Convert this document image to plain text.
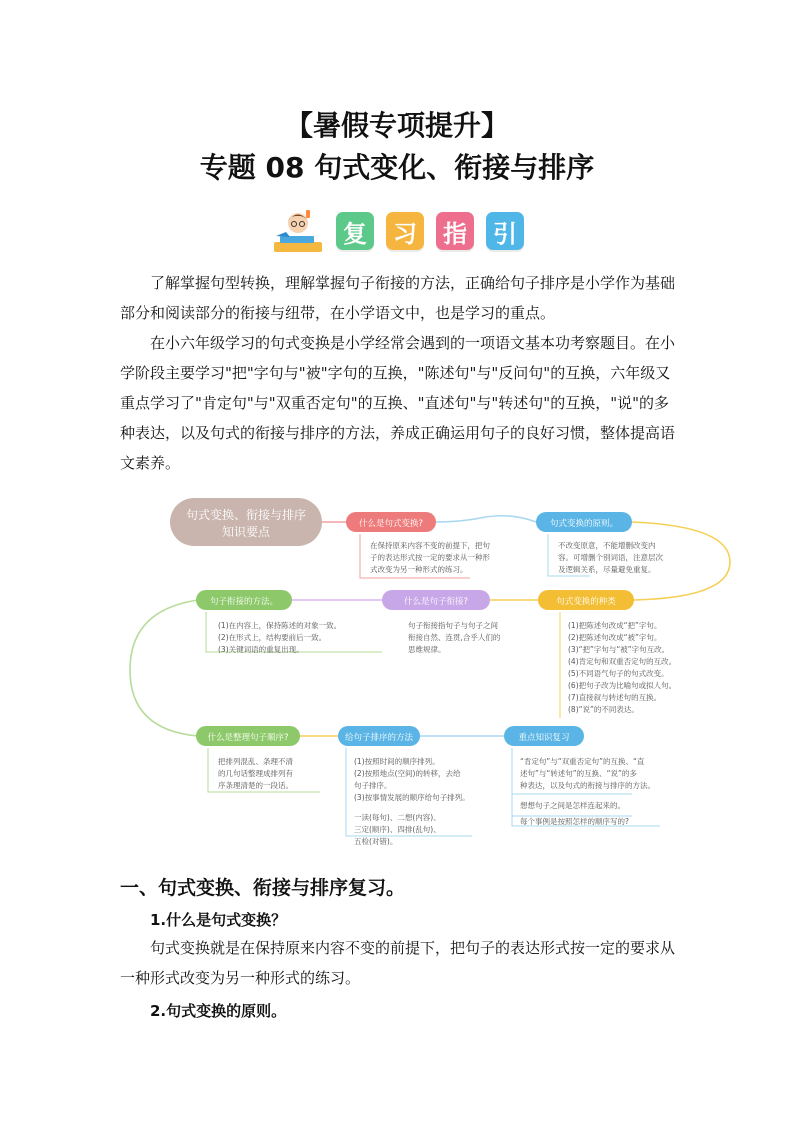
【暑假专项提升】
专题 08 句式变化、衔接与排序
复 习 指 引

了解掌握句型转换，理解掌握句子衔接的方法，正确给句子排序是小学作为基础部分和阅读部分的衔接与纽带，在小学语文中，也是学习的重点。

在小六年级学习的句式变换是小学经常会遇到的一项语文基本功考察题目。在小学阶段主要学习"把"字句与"被"字句的互换，"陈述句"与"反问句"的互换，六年级又重点学习了"肯定句"与"双重否定句"的互换、"直述句"与"转述句"的互换，"说"的多种表达，以及句式的衔接与排序的方法，养成正确运用句子的良好习惯，整体提高语文素养。

句式变换、衔接与排序
知识要点
什么是句式变换?
在保持原来内容不变的前提下，把句
子的表达形式按一定的要求从一种形
式改变为另一种形式的练习。
句式变换的原则。
不改变原意，不能增删改变内
容。可增删个别词语，注意层次
及逻辑关系，尽量避免重复。
句式变换的种类
(1)把陈述句改成“把”字句。
(2)把陈述句改成“被”字句。
(3)“把”字句与“被”字句互改。
(4)肯定句和双重否定句的互改。
(5)不同语气句子的句式改变。
(6)把句子改为比喻句或拟人句。
(7)直接叙与转述句的互换。
(8)“说”的不同表达。
什么是句子衔接?
句子衔接指句子与句子之间
衔接自然、连贯,合乎人们的
思维规律。
句子衔接的方法。
(1)在内容上，保持陈述的对象一致。
(2)在形式上，结构要前后一致。
(3)关键词语的重复出现。
什么是整理句子顺序?
把排列混乱、条理不清
的几句话整理成排列有
序条理清楚的一段话。
给句子排序的方法
(1)按照时间的顺序排列。
(2)按照地点(空间)的转移，去给
句子排序。
(3)按事情发展的顺序给句子排列。
一读(每句)、二想(内容)、
三定(顺序)、四排(乱句)、
五检(对错)。
重点知识复习
“肯定句”与“双重否定句”的互换、“直
述句”与“转述句”的互换、“说”的多
种表达，以及句式的衔接与排序的方法。
想想句子之间是怎样连起来的。
每个事例是按照怎样的顺序写的?
一、句式变换、衔接与排序复习。
1.什么是句式变换？

句式变换就是在保持原来内容不变的前提下，把句子的表达形式按一定的要求从一种形式改变为另一种形式的练习。

2.句式变换的原则。
